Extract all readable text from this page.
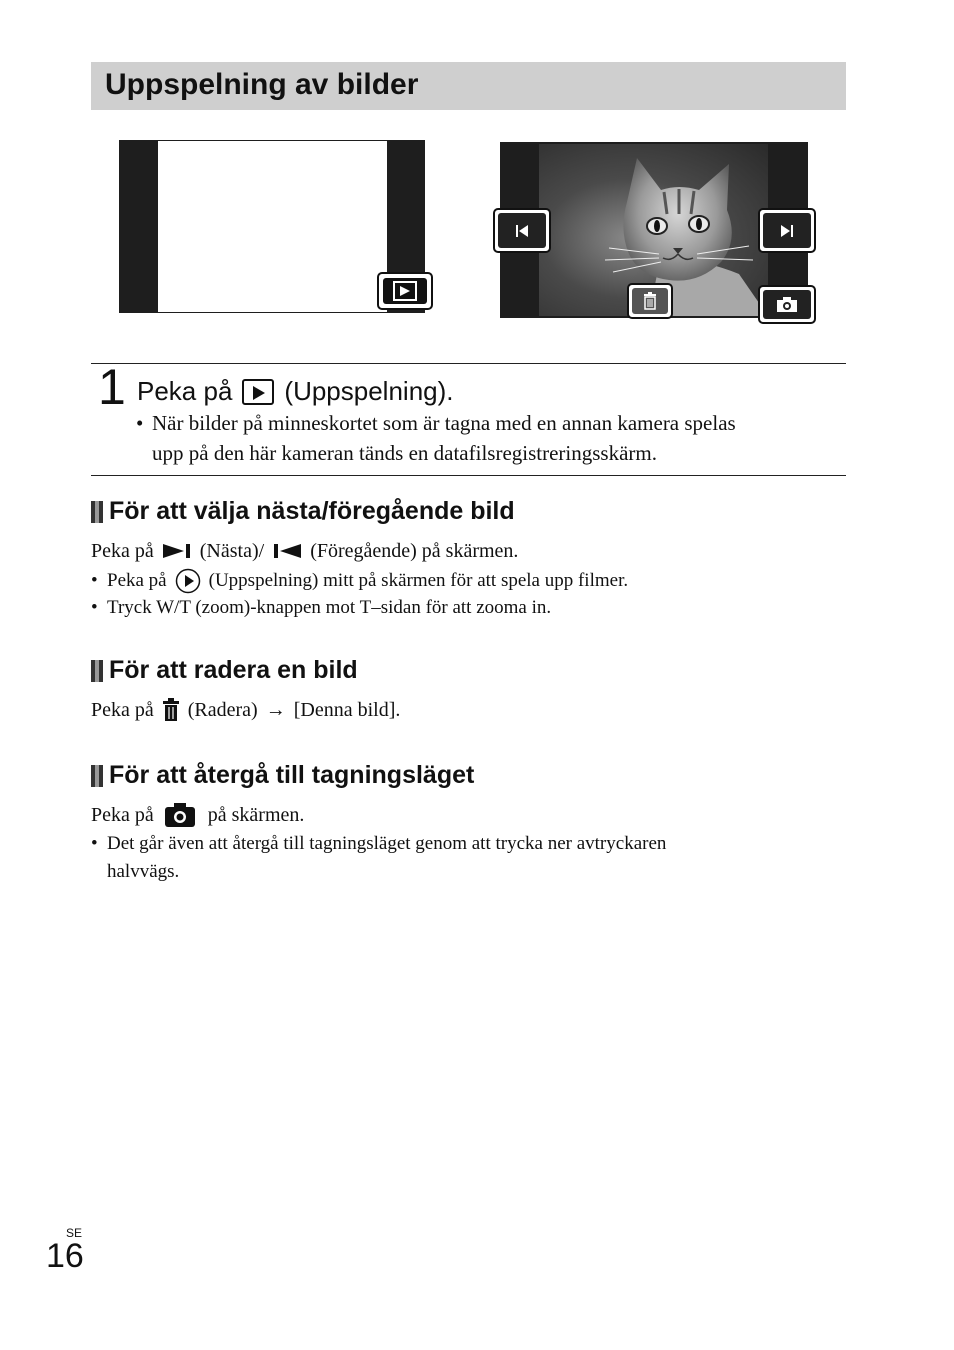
Uppspelning av bilder
1 Peka på (Uppspelning).
• När bilder på minneskortet som är tagna med en annan kamera spelas
upp på den här kameran tänds en datafilsregistreringsskärm.
För att välja nästa/föregående bild
Peka på (Nästa)/ (Föregående) på skärmen.
• Peka på (Uppspelning) mitt på skärmen för att spela upp filmer.
• Tryck W/T (zoom)-knappen mot T–sidan för att zooma in.
För att radera en bild
Peka på (Radera) → [Denna bild].
För att återgå till tagningsläget
Peka på	på skärmen.
• Det går även att återgå till tagningsläget genom att trycka ner avtryckaren
halvvägs.
SE
16
